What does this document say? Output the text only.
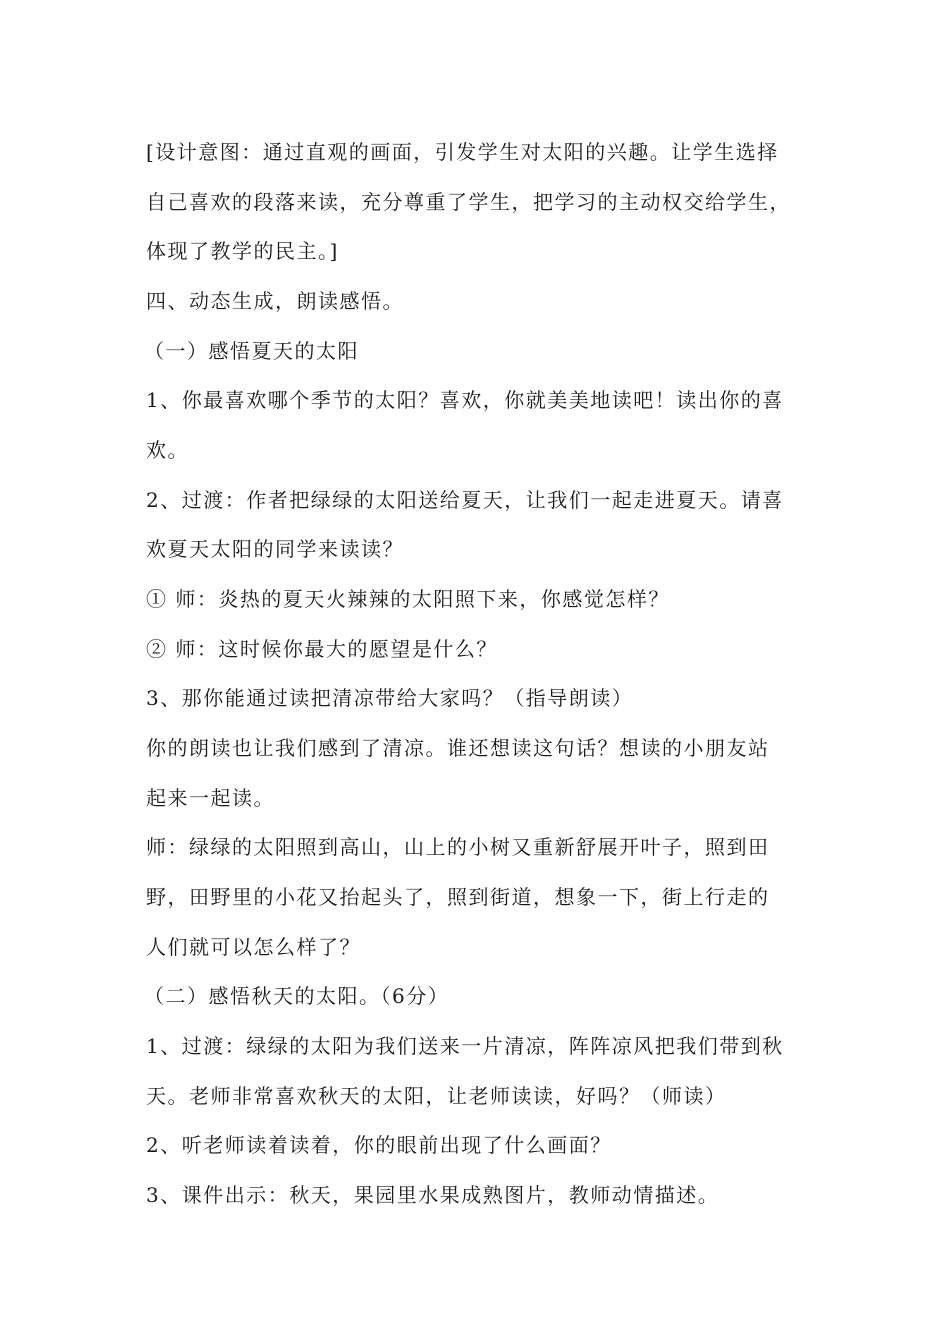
[设计意图：通过直观的画面，引发学生对太阳的兴趣。让学生选择
自己喜欢的段落来读，充分尊重了学生，把学习的主动权交给学生，
体现了教学的民主。]
四、动态生成，朗读感悟。
（一）感悟夏天的太阳
1、你最喜欢哪个季节的太阳？喜欢，你就美美地读吧！读出你的喜
欢。
2、过渡：作者把绿绿的太阳送给夏天，让我们一起走进夏天。请喜
欢夏天太阳的同学来读读？
① 师：炎热的夏天火辣辣的太阳照下来，你感觉怎样？
② 师：这时候你最大的愿望是什么？
3、那你能通过读把清凉带给大家吗？（指导朗读）
你的朗读也让我们感到了清凉。谁还想读这句话？想读的小朋友站
起来一起读。
师：绿绿的太阳照到高山，山上的小树又重新舒展开叶子，照到田
野，田野里的小花又抬起头了，照到街道，想象一下，街上行走的
人们就可以怎么样了？
（二）感悟秋天的太阳。（6分）
1、过渡：绿绿的太阳为我们送来一片清凉，阵阵凉风把我们带到秋
天。老师非常喜欢秋天的太阳，让老师读读，好吗？（师读）
2、听老师读着读着，你的眼前出现了什么画面？
3、课件出示：秋天，果园里水果成熟图片，教师动情描述。
